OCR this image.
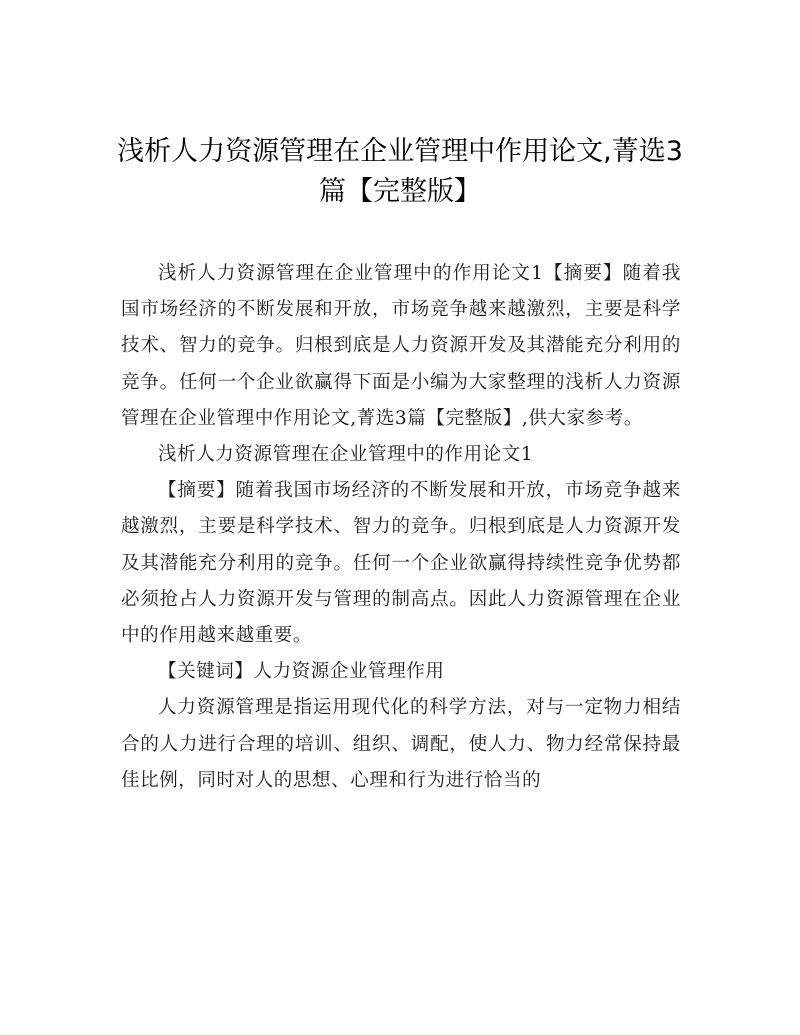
浅析人力资源管理在企业管理中作用论文,菁选3篇【完整版】

浅析人力资源管理在企业管理中的作用论文1【摘要】随着我国市场经济的不断发展和开放，市场竞争越来越激烈，主要是科学技术、智力的竞争。归根到底是人力资源开发及其潜能充分利用的竞争。任何一个企业欲赢得下面是小编为大家整理的浅析人力资源管理在企业管理中作用论文,菁选3篇【完整版】,供大家参考。

浅析人力资源管理在企业管理中的作用论文1

【摘要】随着我国市场经济的不断发展和开放，市场竞争越来越激烈，主要是科学技术、智力的竞争。归根到底是人力资源开发及其潜能充分利用的竞争。任何一个企业欲赢得持续性竞争优势都必须抢占人力资源开发与管理的制高点。因此人力资源管理在企业中的作用越来越重要。

【关键词】人力资源企业管理作用

人力资源管理是指运用现代化的科学方法，对与一定物力相结合的人力进行合理的培训、组织、调配，使人力、物力经常保持最佳比例，同时对人的思想、心理和行为进行恰当的
